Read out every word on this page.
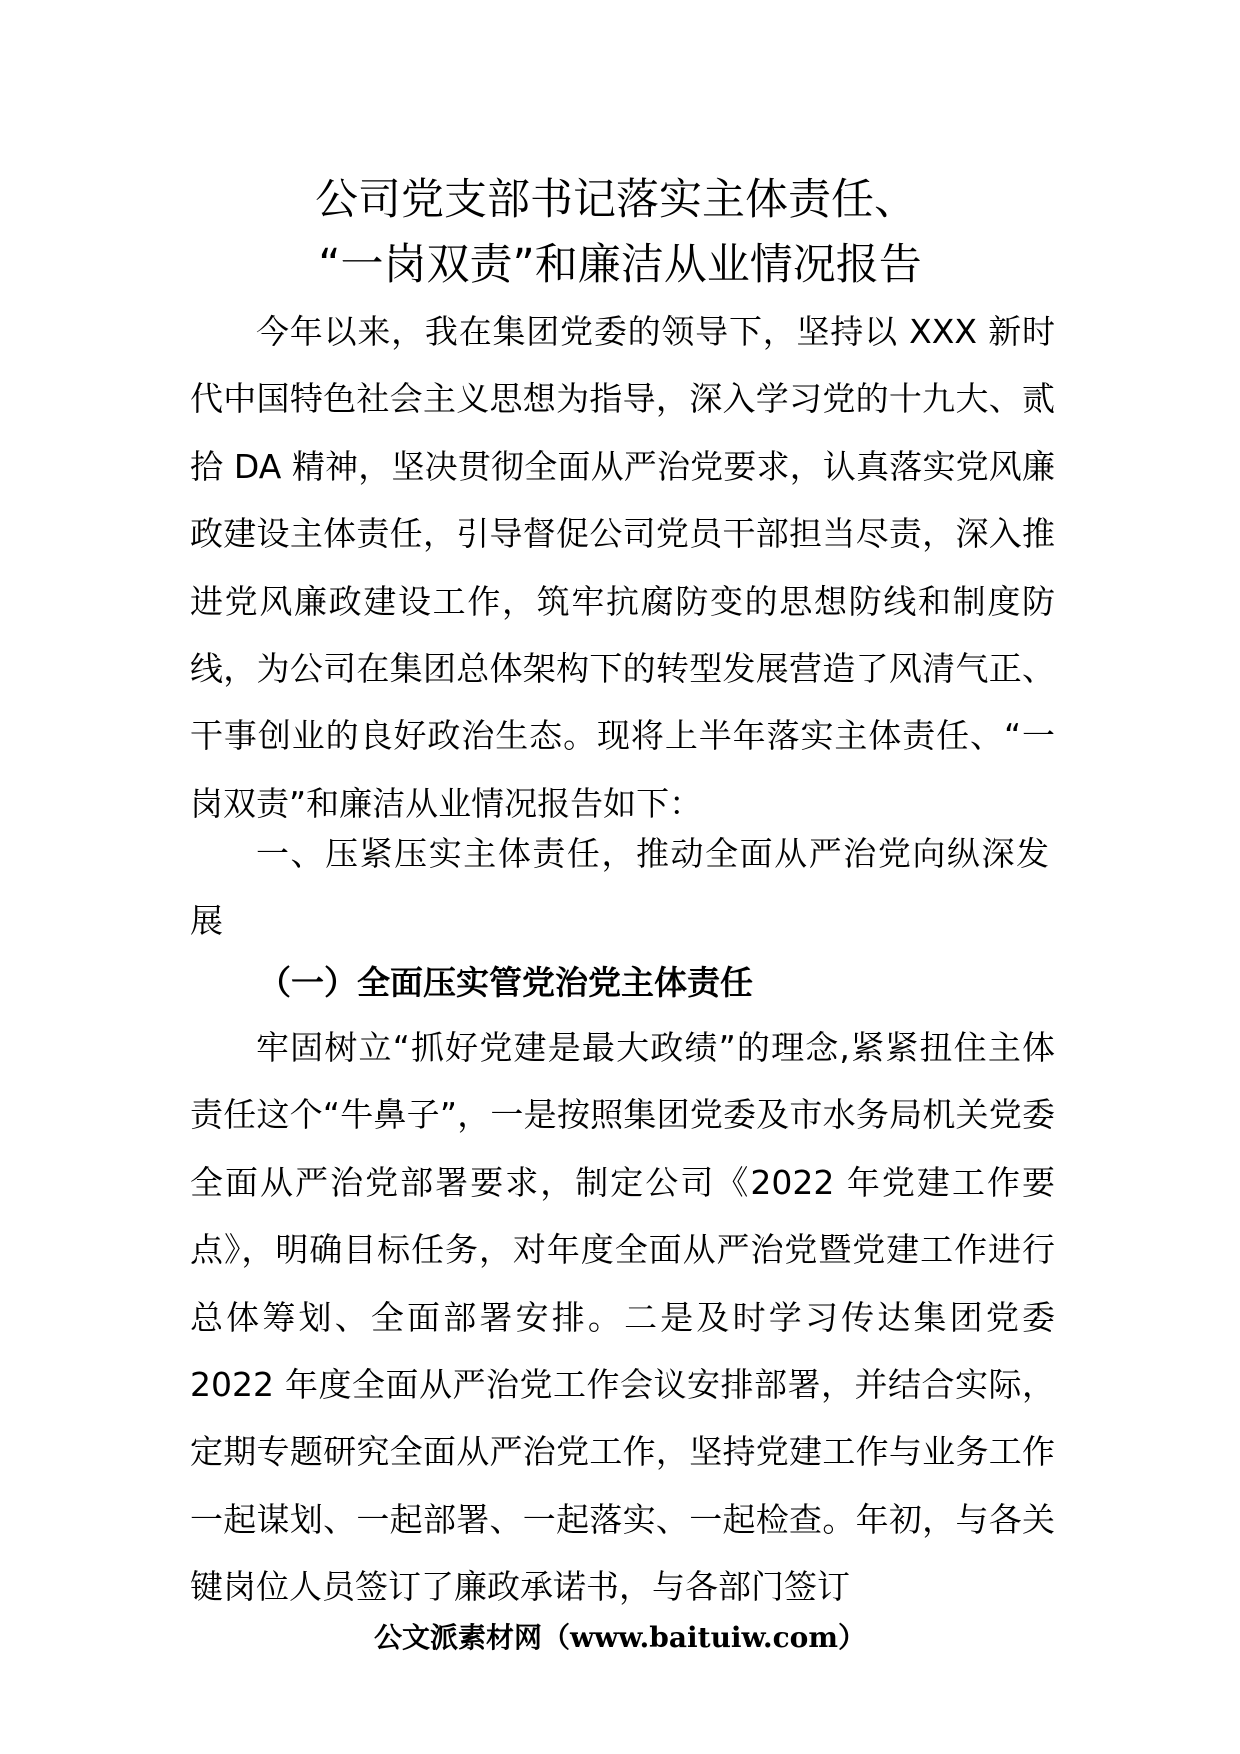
公司党支部书记落实主体责任、
“一岗双责”和廉洁从业情况报告

今年以来，我在集团党委的领导下，坚持以 XXX 新时代中国特色社会主义思想为指导，深入学习党的十九大、贰拾 DA 精神，坚决贯彻全面从严治党要求，认真落实党风廉政建设主体责任，引导督促公司党员干部担当尽责，深入推进党风廉政建设工作，筑牢抗腐防变的思想防线和制度防线，为公司在集团总体架构下的转型发展营造了风清气正、干事创业的良好政治生态。现将上半年落实主体责任、“一岗双责”和廉洁从业情况报告如下：

一、压紧压实主体责任，推动全面从严治党向纵深发展

（一）全面压实管党治党主体责任

牢固树立“抓好党建是最大政绩”的理念,紧紧扭住主体责任这个“牛鼻子”，一是按照集团党委及市水务局机关党委全面从严治党部署要求，制定公司《2022 年党建工作要点》，明确目标任务，对年度全面从严治党暨党建工作进行总体筹划、全面部署安排。二是及时学习传达集团党委 2022 年度全面从严治党工作会议安排部署，并结合实际，定期专题研究全面从严治党工作，坚持党建工作与业务工作一起谋划、一起部署、一起落实、一起检查。年初，与各关键岗位人员签订了廉政承诺书，与各部门签订

公文派素材网（www.baituiw.com）
